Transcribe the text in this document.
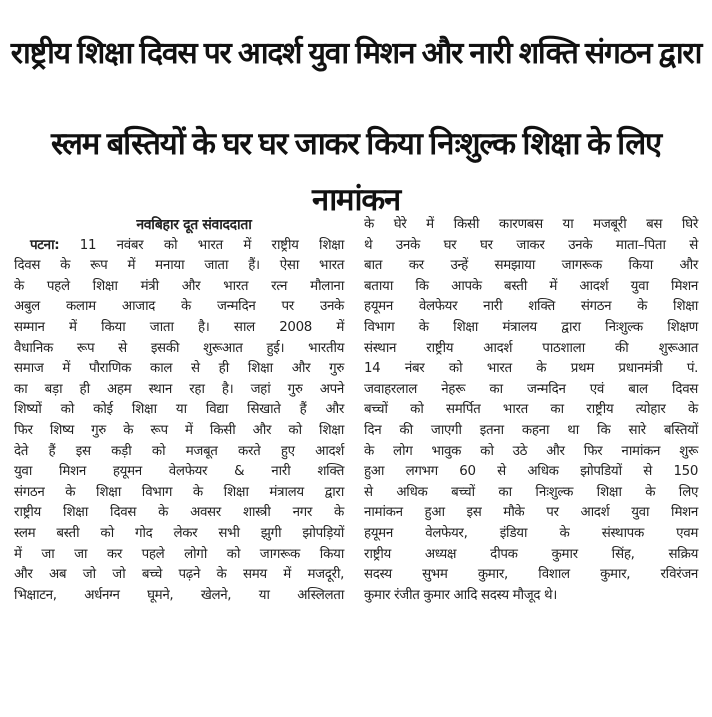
राष्ट्रीय शिक्षा दिवस पर आदर्श युवा मिशन और नारी शक्ति संगठन द्वारा
स्लम बस्तियों के घर घर जाकर किया निःशुल्क शिक्षा के लिए नामांकन
नवबिहार दूत संवाददाता
पटना: 11 नवंबर को भारत में राष्ट्रीय शिक्षा
दिवस के रूप में मनाया जाता हैं। ऐसा भारत
के पहले शिक्षा मंत्री और भारत रत्न मौलाना
अबुल कलाम आजाद के जन्मदिन पर उनके
सम्मान में किया जाता है। साल 2008 में
वैधानिक रूप से इसकी शुरूआत हुई। भारतीय
समाज में पौराणिक काल से ही शिक्षा और गुरु
का बड़ा ही अहम स्थान रहा है। जहां गुरु अपने
शिष्यों को कोई शिक्षा या विद्या सिखाते हैं और
फिर शिष्य गुरु के रूप में किसी और को शिक्षा
देते हैं इस कड़ी को मजबूत करते हुए आदर्श
युवा मिशन हयूमन वेलफेयर & नारी शक्ति
संगठन के शिक्षा विभाग के शिक्षा मंत्रालय द्वारा
राष्ट्रीय शिक्षा दिवस के अवसर शास्त्री नगर के
स्लम बस्ती को गोद लेकर सभी झुगी झोपड़ियों
में जा जा कर पहले लोगो को जागरूक किया
और अब जो जो बच्चे पढ़ने के समय में मजदूरी,
भिक्षाटन, अर्धनग्न घूमने, खेलने, या अस्लिलता
के घेरे में किसी कारणबस या मजबूरी बस घिरे
थे उनके घर घर जाकर उनके माता–पिता से
बात कर उन्हें समझाया जागरूक किया और
बताया कि आपके बस्ती में आदर्श युवा मिशन
हयूमन वेलफेयर नारी शक्ति संगठन के शिक्षा
विभाग के शिक्षा मंत्रालय द्वारा निःशुल्क शिक्षण
संस्थान राष्ट्रीय आदर्श पाठशाला की शुरूआत
14 नंबर को भारत के प्रथम प्रधानमंत्री पं.
जवाहरलाल नेहरू का जन्मदिन एवं बाल दिवस
बच्चों को समर्पित भारत का राष्ट्रीय त्योहार के
दिन की जाएगी इतना कहना था कि सारे बस्तियों
के लोग भावुक को उठे और फिर नामांकन शुरू
हुआ लगभग 60 से अधिक झोपडियों से 150
से अधिक बच्चों का निःशुल्क शिक्षा के लिए
नामांकन हुआ इस मौके पर आदर्श युवा मिशन
हयूमन वेलफेयर, इंडिया के संस्थापक एवम
राष्ट्रीय अध्यक्ष दीपक कुमार सिंह, सक्रिय
सदस्य सुभम कुमार, विशाल कुमार, रविरंजन
कुमार रंजीत कुमार आदि सदस्य मौजूद थे।
